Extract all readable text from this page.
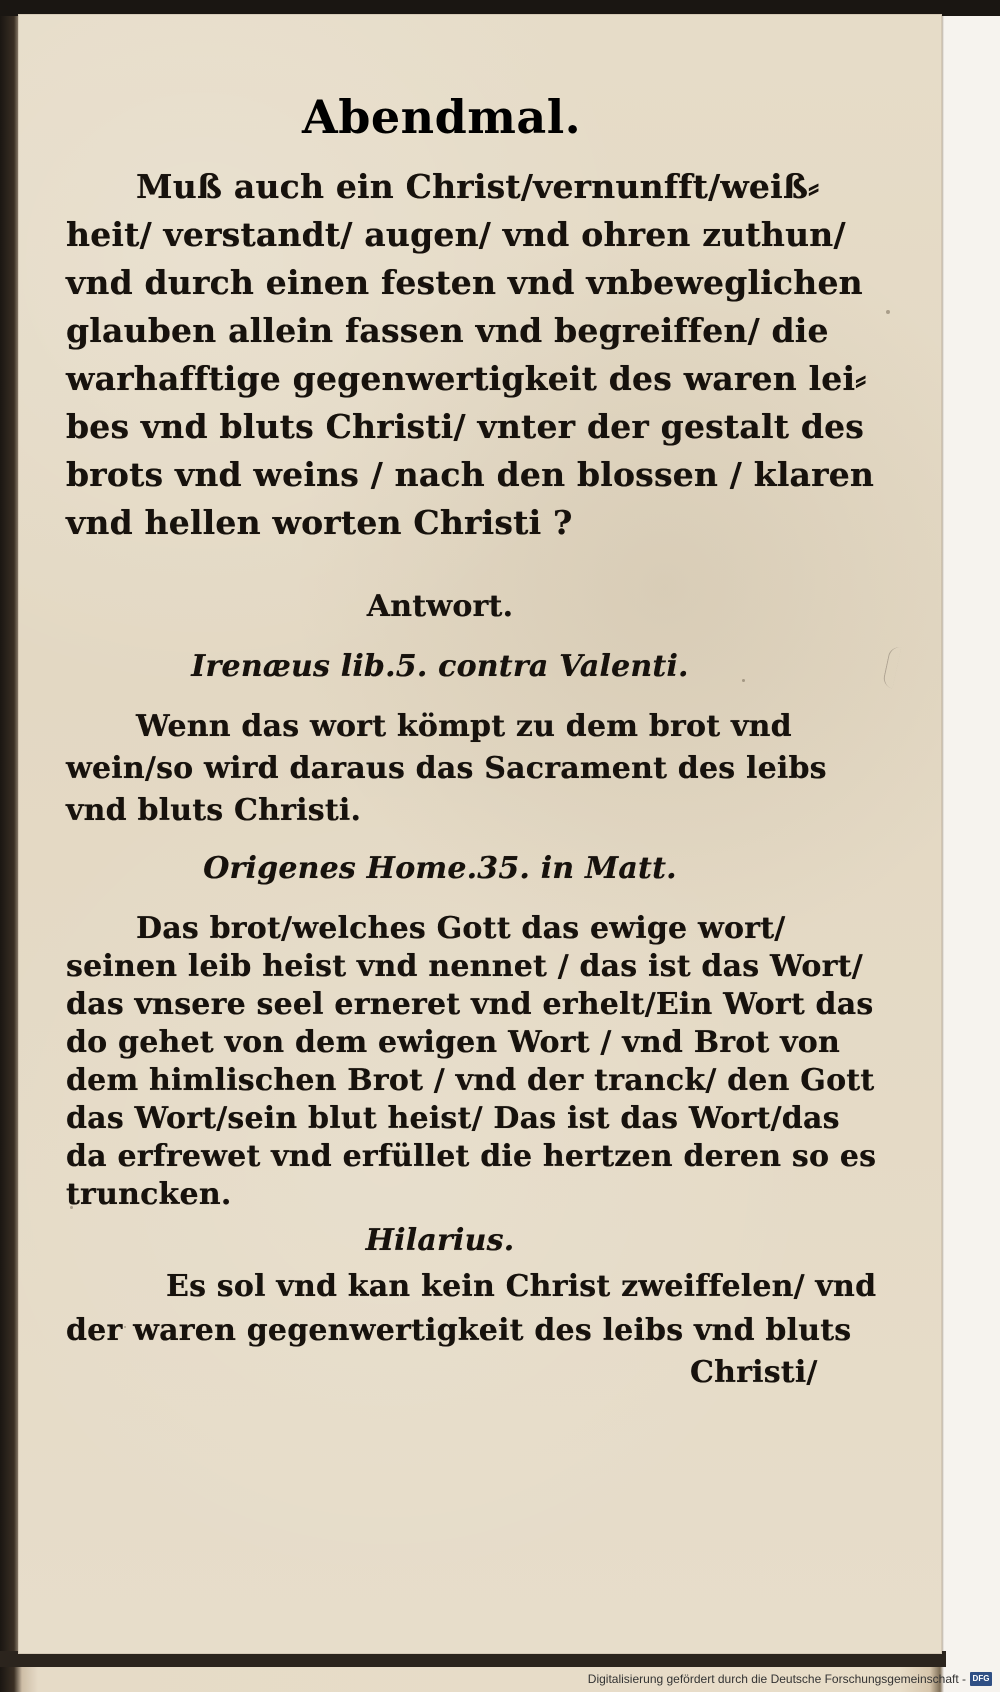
Abendmal.
Muß auch ein Christ/vernunfft/weiß⸗
heit/ verstandt/ augen/ vnd ohren zuthun/
vnd durch einen festen vnd vnbeweglichen
glauben allein fassen vnd begreiffen/ die
warhafftige gegenwertigkeit des waren lei⸗
bes vnd bluts Christi/ vnter der gestalt des
brots vnd weins / nach den blossen / klaren
vnd hellen worten Christi ?
Antwort.
Irenæus lib.5. contra Valenti.
Wenn das wort kömpt zu dem brot vnd
wein/so wird daraus das Sacrament des leibs
vnd bluts Christi.
Origenes Home.35. in Matt.
Das brot/welches Gott das ewige wort/
seinen leib heist vnd nennet / das ist das Wort/
das vnsere seel erneret vnd erhelt/Ein Wort das
do gehet von dem ewigen Wort / vnd Brot von
dem himlischen Brot / vnd der tranck/ den Gott
das Wort/sein blut heist/ Das ist das Wort/das
da erfrewet vnd erfüllet die hertzen deren so es
truncken.
Hilarius.
Es sol vnd kan kein Christ zweiffelen/ vnd
der waren gegenwertigkeit des leibs vnd bluts
Christi/
Digitalisierung gefördert durch die Deutsche Forschungsgemeinschaft - DFG
